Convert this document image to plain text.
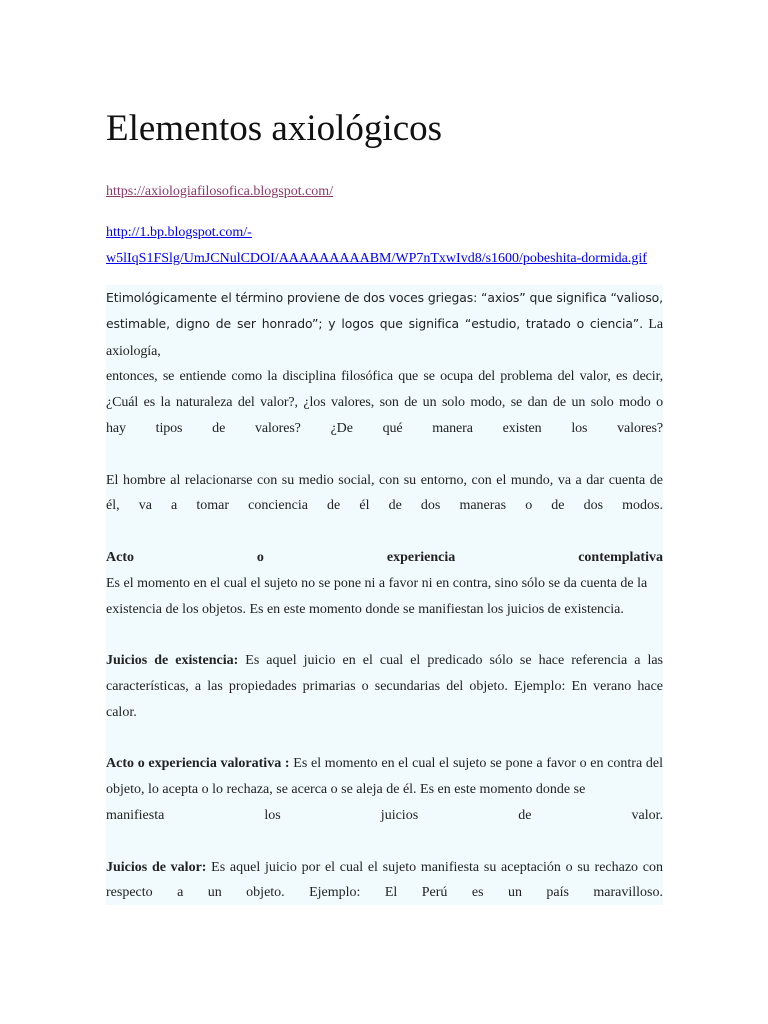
Elementos axiológicos
https://axiologiafilosofica.blogspot.com/
http://1.bp.blogspot.com/-
w5lIqS1FSlg/UmJCNulCDOI/AAAAAAAAABM/WP7nTxwIvd8/s1600/pobeshita-dormida.gif

Etimológicamente el término proviene de dos voces griegas: “axios” que significa “valioso,
estimable, digno de ser honrado”; y logos que significa “estudio, tratado o ciencia”. La axiología,
entonces, se entiende como la disciplina filosófica que se ocupa del problema del valor, es decir,
¿Cuál es la naturaleza del valor?, ¿los valores, son de un solo modo, se dan de un solo modo o
hay tipos de valores? ¿De qué manera existen los valores?

El hombre al relacionarse con su medio social, con su entorno, con el mundo, va a dar cuenta de
él, va a tomar conciencia de él de dos maneras o de dos modos.

Acto o experiencia contemplativa
Es el momento en el cual el sujeto no se pone ni a favor ni en contra, sino sólo se da cuenta de la
existencia de los objetos. Es en este momento donde se manifiestan los juicios de existencia.

Juicios de existencia: Es aquel juicio en el cual el predicado sólo se hace referencia a las características, a las propiedades primarias o secundarias del objeto. Ejemplo: En verano hace calor.

Acto o experiencia valorativa : Es el momento en el cual el sujeto se pone a favor o en contra del objeto, lo acepta o lo rechaza, se acerca o se aleja de él. Es en este momento donde se
manifiesta los juicios de valor.

Juicios de valor: Es aquel juicio por el cual el sujeto manifiesta su aceptación o su rechazo con
respecto a un objeto. Ejemplo: El Perú es un país maravilloso.
